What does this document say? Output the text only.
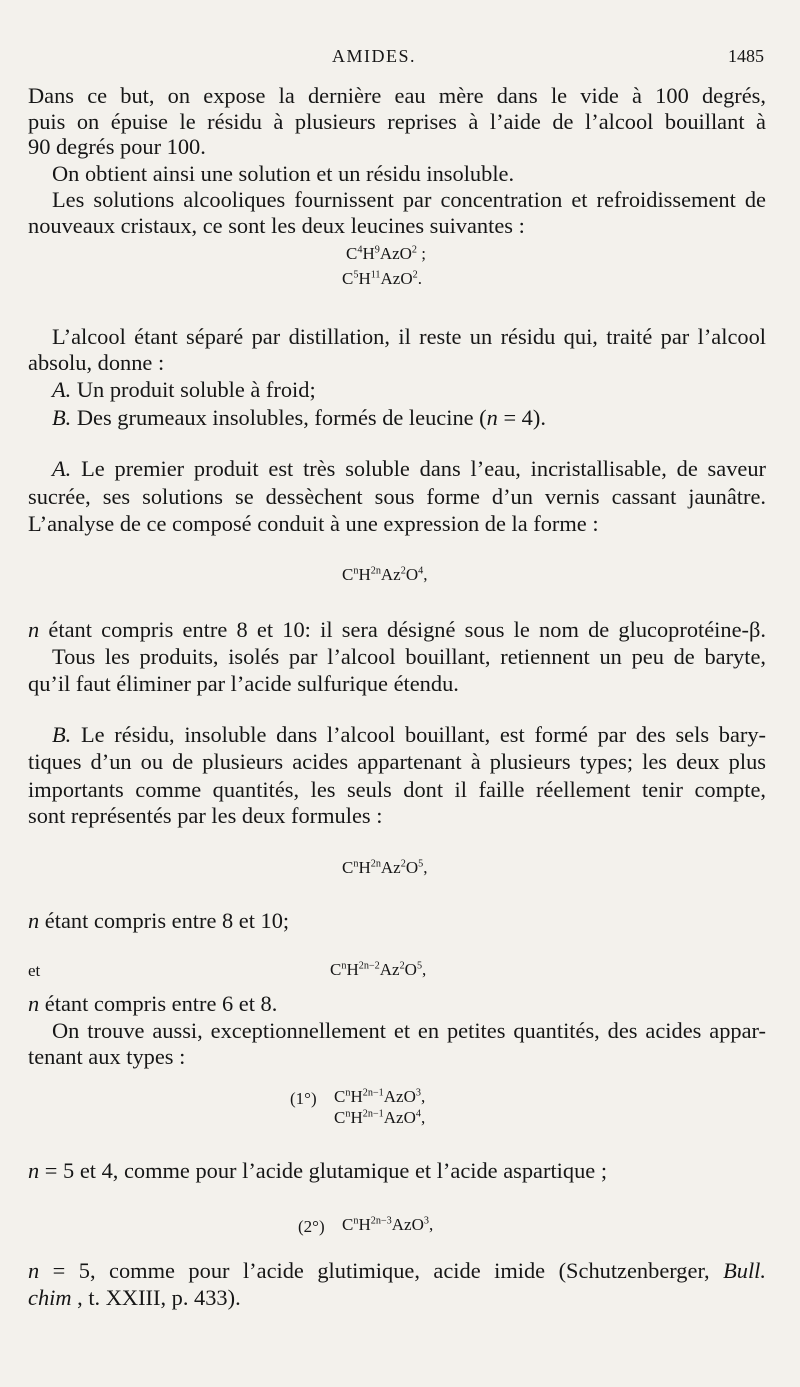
AMIDES.	1485
Dans ce but, on expose la dernière eau mère dans le vide à 100 degrés,
puis on épuise le résidu à plusieurs reprises à l’aide de l’alcool bouillant à
90 degrés pour 100.
On obtient ainsi une solution et un résidu insoluble.
Les solutions alcooliques fournissent par concentration et refroidissement de
nouveaux cristaux, ce sont les deux leucines suivantes :
$C^4H^9AzO^2$ ;
$C^5H^{11}AzO^2$.
L’alcool étant séparé par distillation, il reste un résidu qui, traité par l’alcool
absolu, donne :
A. Un produit soluble à froid;
B. Des grumeaux insolubles, formés de leucine (n = 4).
A. Le premier produit est très soluble dans l’eau, incristallisable, de saveur
sucrée, ses solutions se dessèchent sous forme d’un vernis cassant jaunâtre.
L’analyse de ce composé conduit à une expression de la forme :
$C^nH^{2n}Az^2O^4$,
n étant compris entre 8 et 10: il sera désigné sous le nom de glucoprotéine-β.
Tous les produits, isolés par l’alcool bouillant, retiennent un peu de baryte,
qu’il faut éliminer par l’acide sulfurique étendu.
B. Le résidu, insoluble dans l’alcool bouillant, est formé par des sels bary-
tiques d’un ou de plusieurs acides appartenant à plusieurs types; les deux plus
importants comme quantités, les seuls dont il faille réellement tenir compte,
sont représentés par les deux formules :
$C^nH^{2n}Az^2O^5$,
n étant compris entre 8 et 10;
et	$C^nH^{2n-2}Az^2O^5$,
n étant compris entre 6 et 8.
On trouve aussi, exceptionnellement et en petites quantités, des acides appar-
tenant aux types :
(1°) $C^nH^{2n-1}AzO^3$,
$C^nH^{2n-1}AzO^4$,
n = 5 et 4, comme pour l’acide glutamique et l’acide aspartique ;
(2°) $C^nH^{2n-3}AzO^3$,
n = 5, comme pour l’acide glutimique, acide imide (Schutzenberger, Bull.
chim , t. XXIII, p. 433).
